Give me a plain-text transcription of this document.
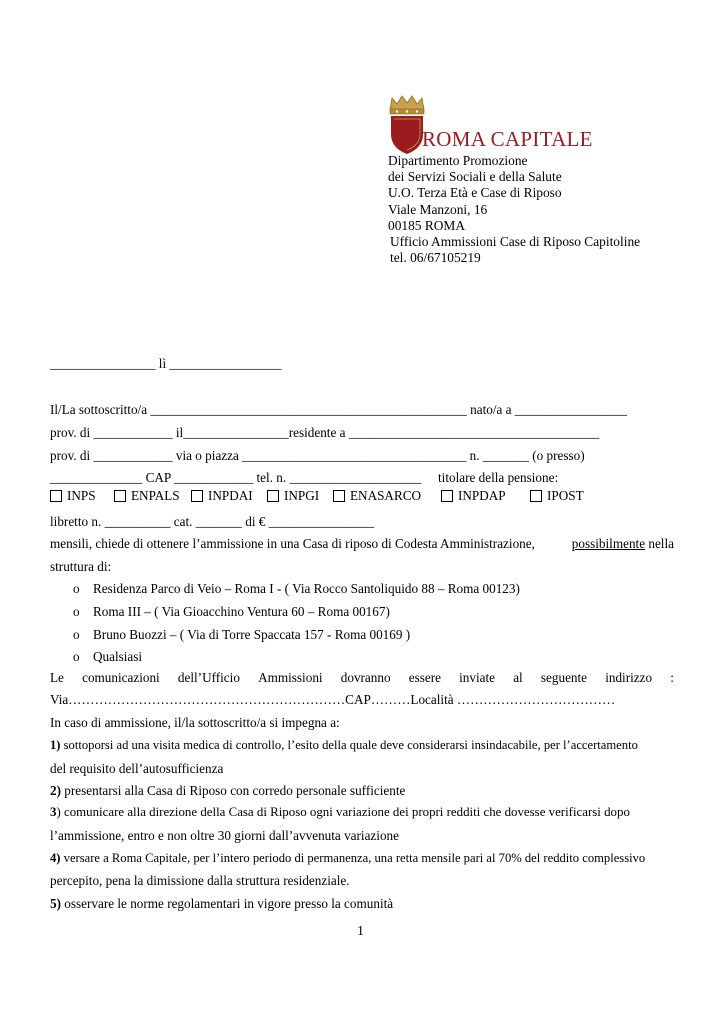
ROMA CAPITALE
Dipartimento Promozione
dei Servizi Sociali e della Salute
U.O. Terza Età e Case di Riposo
Viale Manzoni, 16
00185 ROMA
Ufficio Ammissioni Case di Riposo Capitoline
tel. 06/67105219
________________ lì _________________
Il/La sottoscritto/a ________________________________________________ nato/a a _________________
prov. di ____________ il________________residente a ______________________________________
prov. di ____________ via o piazza __________________________________ n. _______ (o presso)
______________ CAP ____________ tel. n. ____________________ titolare della pensione:
INPS	ENPALS INPDAI INPGI ENASARCO	INPDAP	IPOST
libretto n. __________ cat. _______ di € ________________
mensili, chiede di ottenere l’ammissione in una Casa di riposo di Codesta Amministrazione,	possibilmente nella
struttura di:
o Residenza Parco di Veio – Roma I - ( Via Rocco Santoliquido 88 – Roma 00123)
o Roma III – ( Via Gioacchino Ventura 60 – Roma 00167)
o Bruno Buozzi – ( Via di Torre Spaccata 157 - Roma 00169 )
o Qualsiasi
Le comunicazioni dell’Ufficio Ammissioni dovranno essere inviate al seguente indirizzo :
Via………………………………………………………CAP………Località ………………………………
In caso di ammissione, il/la sottoscritto/a si impegna a:
1) sottoporsi ad una visita medica di controllo, l’esito della quale deve considerarsi insindacabile, per l’accertamento
del requisito dell’autosufficienza
2) presentarsi alla Casa di Riposo con corredo personale sufficiente
3) comunicare alla direzione della Casa di Riposo ogni variazione dei propri redditi che dovesse verificarsi dopo
l’ammissione, entro e non oltre 30 giorni dall’avvenuta variazione
4) versare a Roma Capitale, per l’intero periodo di permanenza, una retta mensile pari al 70% del reddito complessivo
percepito, pena la dimissione dalla struttura residenziale.
5) osservare le norme regolamentari in vigore presso la comunità
1
